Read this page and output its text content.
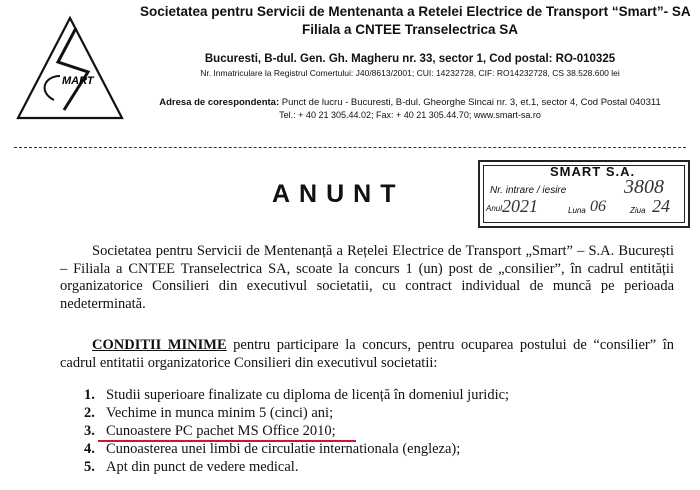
MART
Societatea pentru Servicii de Mentenanta a Retelei Electrice de Transport “Smart”- SA
Filiala a CNTEE Transelectrica SA
Bucuresti, B-dul. Gen. Gh. Magheru nr. 33, sector 1, Cod postal: RO-010325
Nr. Inmatriculare la Registrul Comertului: J40/8613/2001; CUI: 14232728, CIF: RO14232728, CS 38.528.600 lei
Adresa de corespondenta: Punct de lucru - Bucuresti, B-dul. Gheorghe Sincai nr. 3, et.1, sector 4, Cod Postal 040311
Tel.: + 40 21 305.44.02; Fax: + 40 21 305.44.70; www.smart-sa.ro
SMART S.A.
Nr. intrare / iesire	3808
Anul 2021	Luna 06	Ziua 24
ANUNT

Societatea pentru Servicii de Mentenanță a Rețelei Electrice de Transport „Smart” – S.A. București – Filiala a CNTEE Transelectrica SA, scoate la concurs 1 (un) post de „consilier”, în cadrul entității organizatorice Consilieri din executivul societatii, cu contract individual de muncă pe perioada nedeterminată.

CONDITII MINIME pentru participare la concurs, pentru ocuparea postului de “consilier” în cadrul entitatii organizatorice Consilieri din executivul societatii:

1. Studii superioare finalizate cu diploma de licență în domeniul juridic;
2. Vechime in munca minim 5 (cinci) ani;
3. Cunoastere PC pachet MS Office 2010;
4. Cunoasterea unei limbi de circulatie internationala (engleza);
5. Apt din punct de vedere medical.
